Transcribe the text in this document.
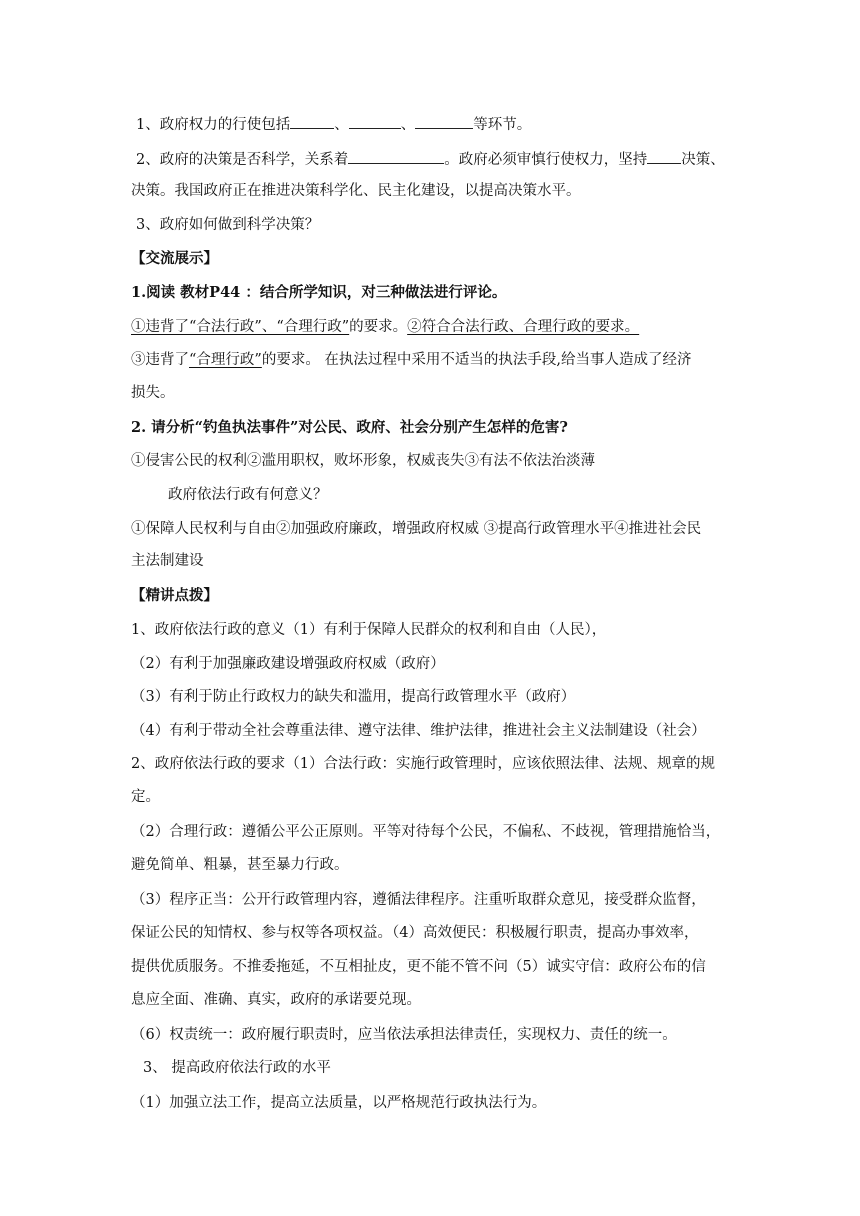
1、政府权力的行使包括	、	、	等环节。
2、政府的决策是否科学，关系着	。政府必须审慎行使权力，坚持 决策、
决策。我国政府正在推进决策科学化、民主化建设，以提高决策水平。
3、政府如何做到科学决策？
【交流展示】
1.阅读 教材P44 ：结合所学知识，对三种做法进行评论。
①违背了“合法行政”、“合理行政”的要求。②符合合法行政、合理行政的要求。
③违背了“合理行政”的要求。 在执法过程中采用不适当的执法手段,给当事人造成了经济
损失。
2. 请分析“钓鱼执法事件”对公民、政府、社会分别产生怎样的危害?
①侵害公民的权利②滥用职权，败坏形象，权威丧失③有法不依法治淡薄
政府依法行政有何意义？
①保障人民权利与自由②加强政府廉政，增强政府权威 ③提高行政管理水平④推进社会民
主法制建设
【精讲点拨】
1、政府依法行政的意义（1）有利于保障人民群众的权利和自由（人民），
（2）有利于加强廉政建设增强政府权威（政府）
（3）有利于防止行政权力的缺失和滥用，提高行政管理水平（政府）
（4）有利于带动全社会尊重法律、遵守法律、维护法律，推进社会主义法制建设（社会）
2、政府依法行政的要求（1）合法行政：实施行政管理时，应该依照法律、法规、规章的规
定。
（2）合理行政：遵循公平公正原则。平等对待每个公民，不偏私、不歧视，管理措施恰当，
避免简单、粗暴，甚至暴力行政。
（3）程序正当：公开行政管理内容，遵循法律程序。注重听取群众意见，接受群众监督，
保证公民的知情权、参与权等各项权益。（4）高效便民：积极履行职责，提高办事效率，
提供优质服务。不推委拖延，不互相扯皮，更不能不管不问（5）诚实守信：政府公布的信
息应全面、准确、真实，政府的承诺要兑现。
（6）权责统一：政府履行职责时，应当依法承担法律责任，实现权力、责任的统一。
3、 提高政府依法行政的水平
（1）加强立法工作，提高立法质量，以严格规范行政执法行为。
